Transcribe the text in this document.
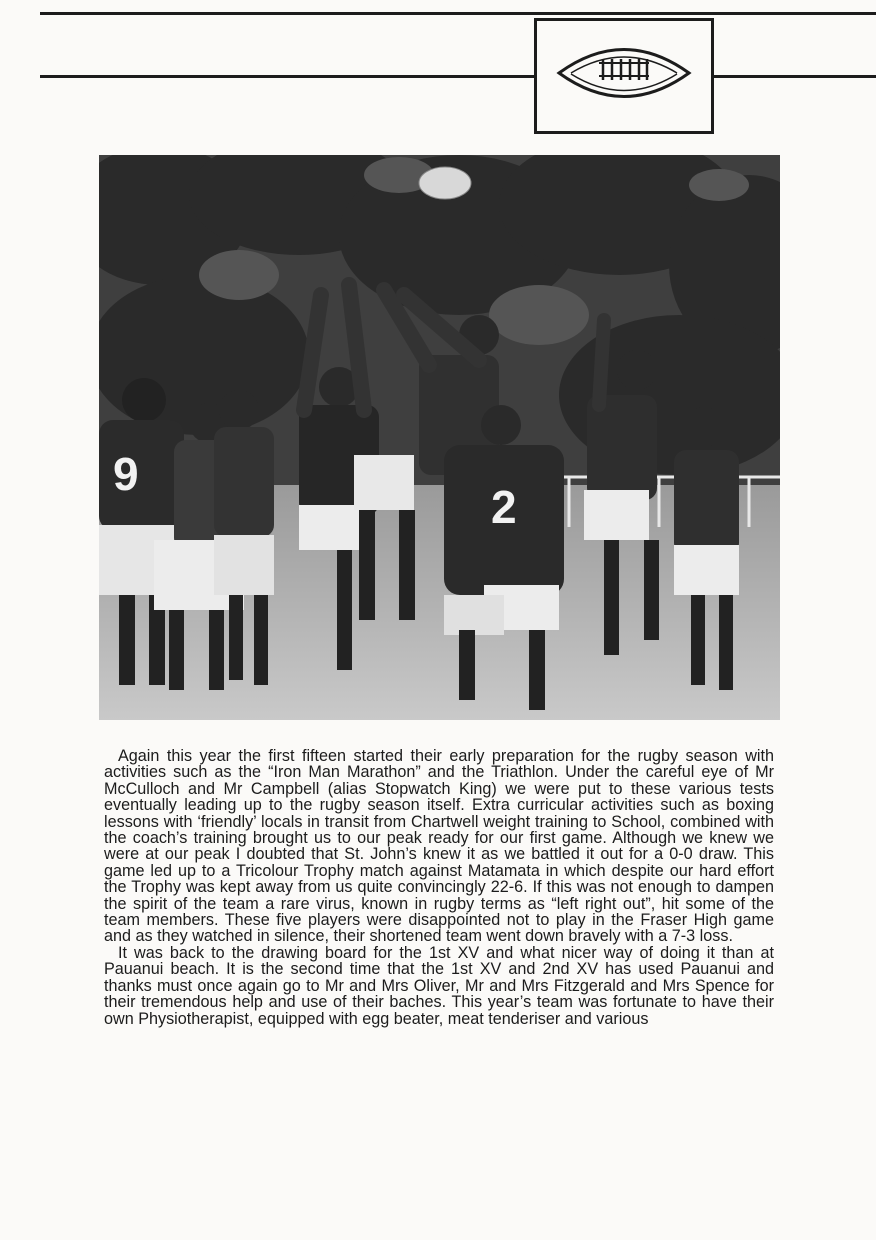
9
2

Again this year the first fifteen started their early preparation for the rugby season with activities such as the “Iron Man Marathon” and the Triathlon. Under the careful eye of Mr McCulloch and Mr Campbell (alias Stopwatch King) we were put to these various tests eventually leading up to the rugby season itself. Extra curricular activities such as boxing lessons with ‘friendly’ locals in transit from Chartwell weight training to School, combined with the coach’s training brought us to our peak ready for our first game. Although we knew we were at our peak I doubted that St. John’s knew it as we battled it out for a 0-0 draw. This game led up to a Tricolour Trophy match against Matamata in which despite our hard effort the Trophy was kept away from us quite convincingly 22-6. If this was not enough to dampen the spirit of the team a rare virus, known in rugby terms as “left right out”, hit some of the team members. These five players were disappointed not to play in the Fraser High game and as they watched in silence, their shortened team went down bravely with a 7-3 loss.

It was back to the drawing board for the 1st XV and what nicer way of doing it than at Pauanui beach. It is the second time that the 1st XV and 2nd XV has used Pauanui and thanks must once again go to Mr and Mrs Oliver, Mr and Mrs Fitzgerald and Mrs Spence for their tremendous help and use of their baches. This year’s team was fortunate to have their own Physiotherapist, equipped with egg beater, meat tenderiser and various
